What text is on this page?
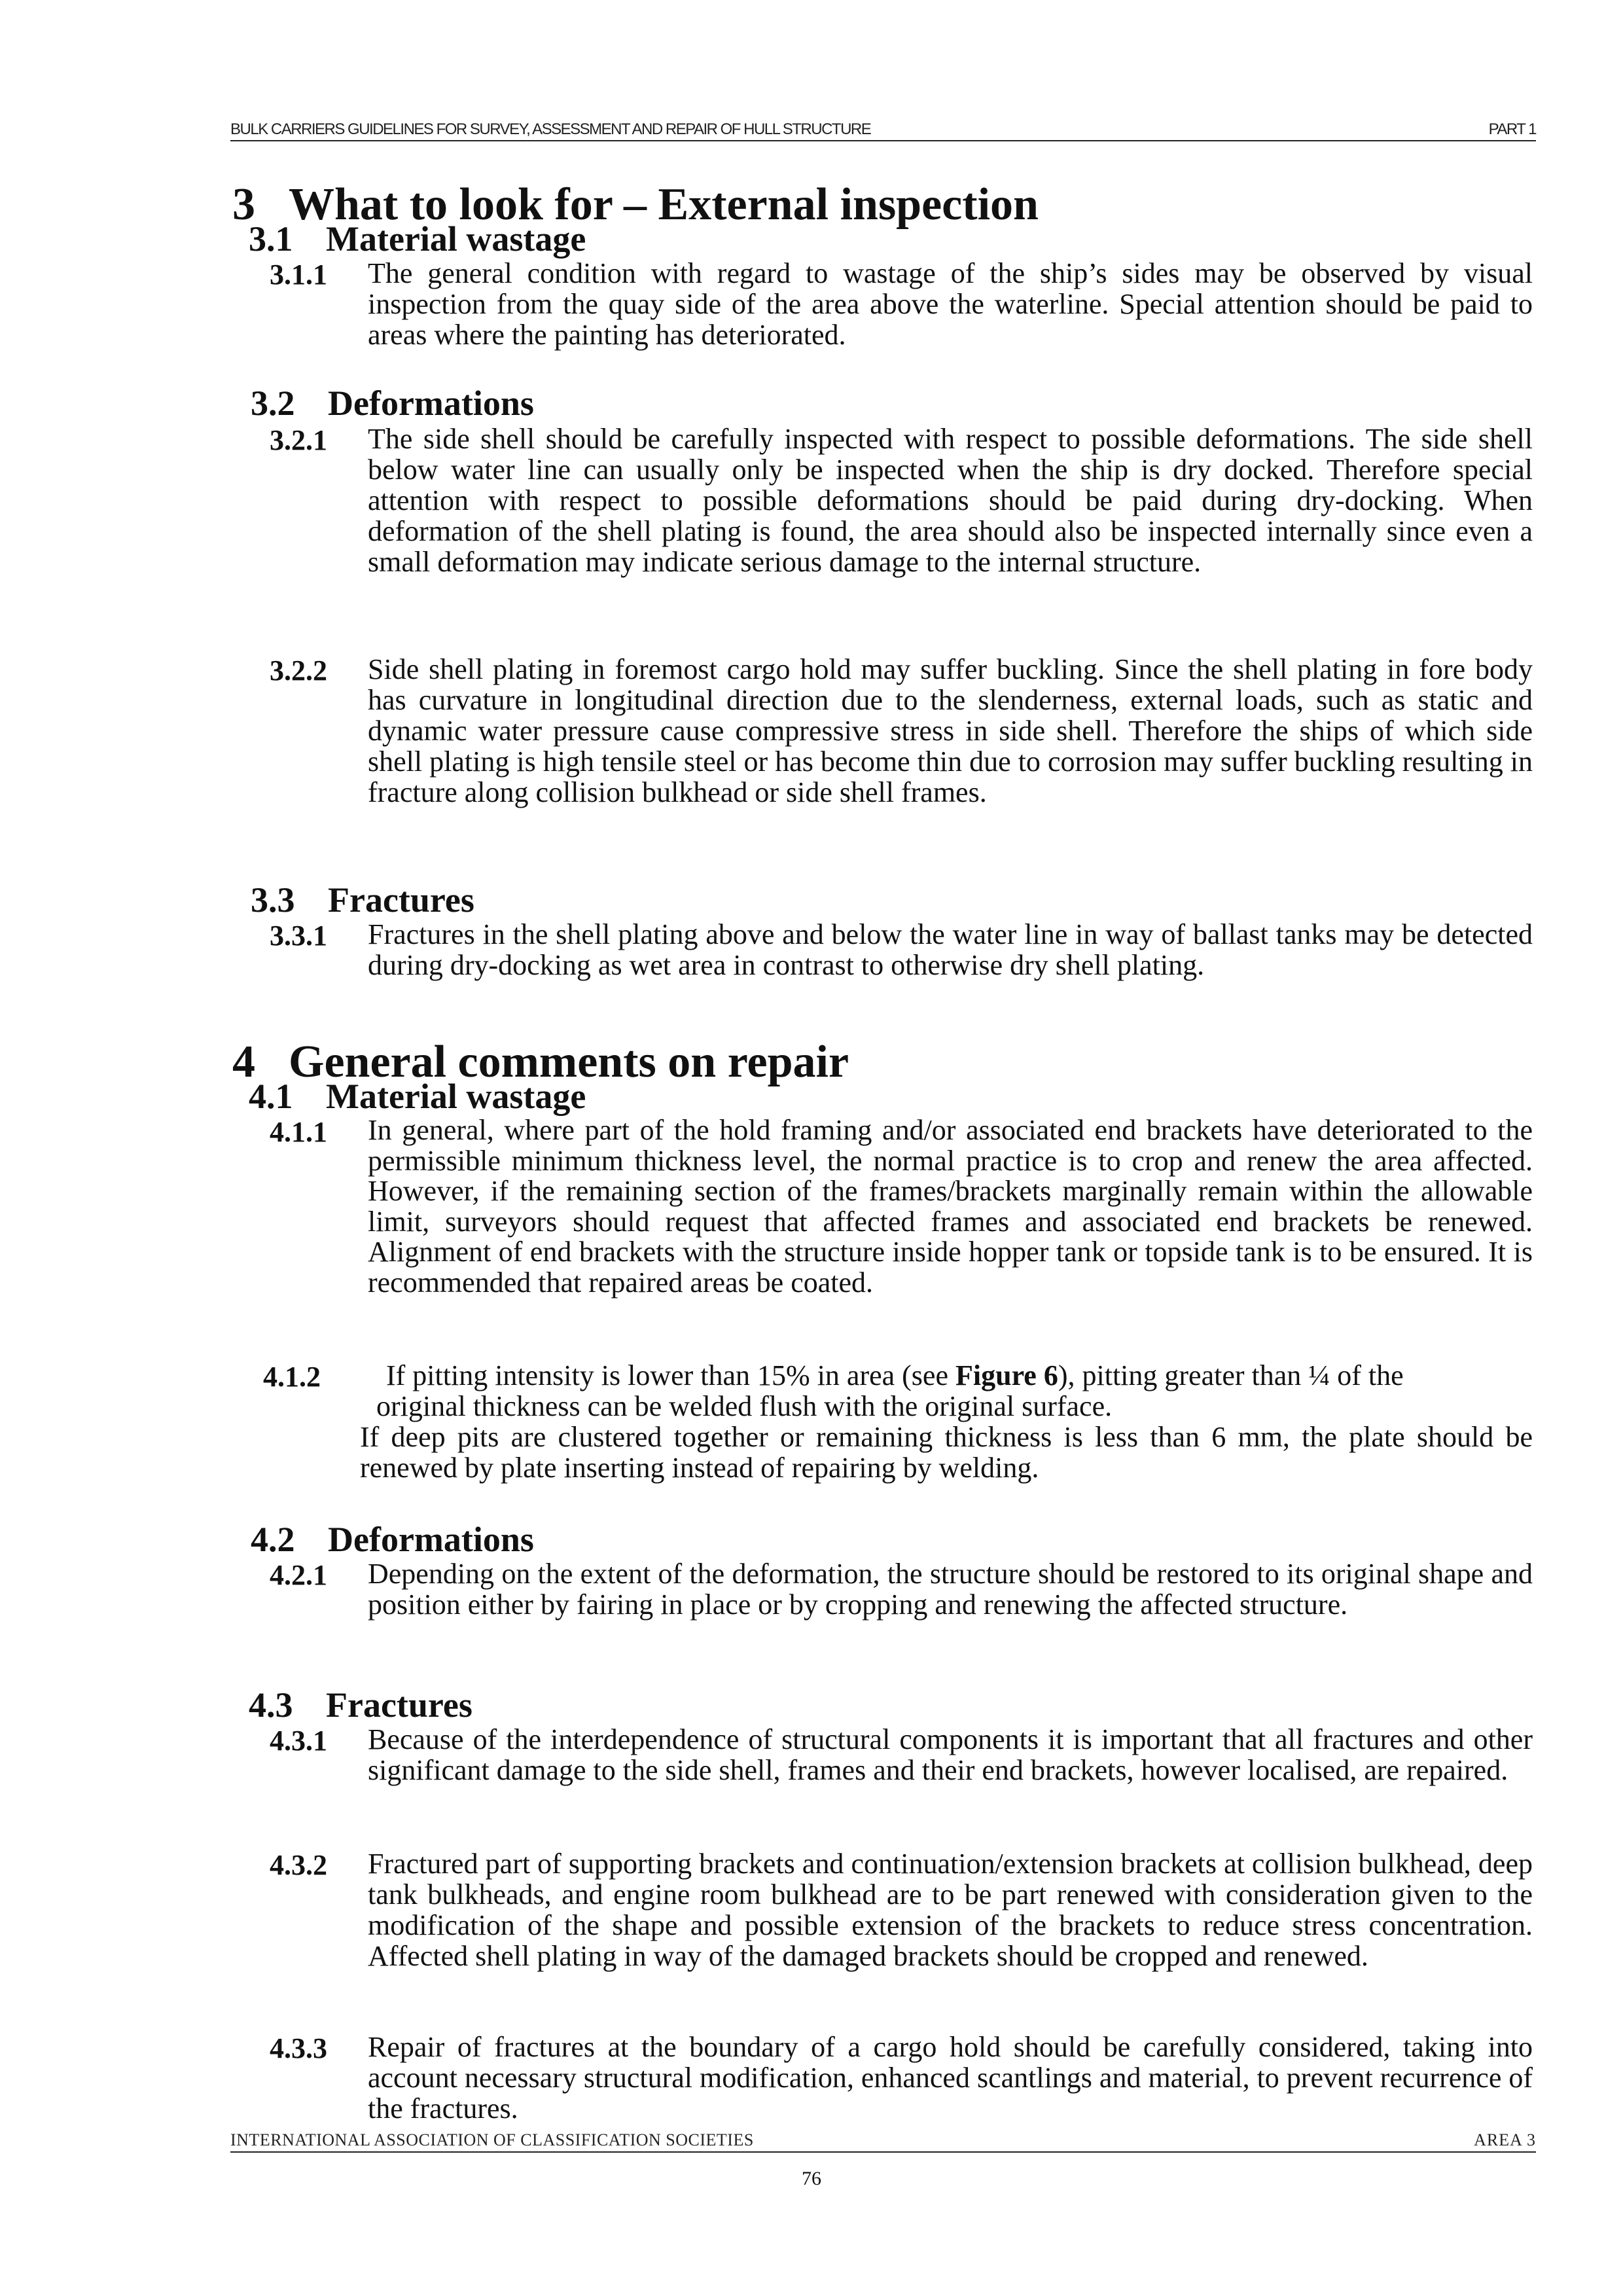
BULK CARRIERS GUIDELINES FOR SURVEY, ASSESSMENT AND REPAIR OF HULL STRUCTURE	PART 1
3 What to look for – External inspection
3.1 Material wastage
3.1.1 The general condition with regard to wastage of the ship’s sides may be observed by visual inspection from the quay side of the area above the waterline. Special attention should be paid to areas where the painting has deteriorated.
3.2 Deformations
3.2.1 The side shell should be carefully inspected with respect to possible deformations. The side shell below water line can usually only be inspected when the ship is dry docked. Therefore special attention with respect to possible deformations should be paid during dry-docking. When deformation of the shell plating is found, the area should also be inspected internally since even a small deformation may indicate serious damage to the internal structure.
3.2.2 Side shell plating in foremost cargo hold may suffer buckling. Since the shell plating in fore body has curvature in longitudinal direction due to the slenderness, external loads, such as static and dynamic water pressure cause compressive stress in side shell. Therefore the ships of which side shell plating is high tensile steel or has become thin due to corrosion may suffer buckling resulting in fracture along collision bulkhead or side shell frames.
3.3 Fractures
3.3.1 Fractures in the shell plating above and below the water line in way of ballast tanks may be detected during dry-docking as wet area in contrast to otherwise dry shell plating.
4 General comments on repair
4.1 Material wastage
4.1.1 In general, where part of the hold framing and/or associated end brackets have deteriorated to the permissible minimum thickness level, the normal practice is to crop and renew the area affected. However, if the remaining section of the frames/brackets marginally remain within the allowable limit, surveyors should request that affected frames and associated end brackets be renewed. Alignment of end brackets with the structure inside hopper tank or topside tank is to be ensured. It is recommended that repaired areas be coated.
4.1.2 If pitting intensity is lower than 15% in area (see Figure 6), pitting greater than ¼ of the
original thickness can be welded flush with the original surface.
If deep pits are clustered together or remaining thickness is less than 6 mm, the plate should be renewed by plate inserting instead of repairing by welding.
4.2 Deformations
4.2.1 Depending on the extent of the deformation, the structure should be restored to its original shape and position either by fairing in place or by cropping and renewing the affected structure.
4.3 Fractures
4.3.1 Because of the interdependence of structural components it is important that all fractures and other significant damage to the side shell, frames and their end brackets, however localised, are repaired.
4.3.2 Fractured part of supporting brackets and continuation/extension brackets at collision bulkhead, deep tank bulkheads, and engine room bulkhead are to be part renewed with consideration given to the modification of the shape and possible extension of the brackets to reduce stress concentration. Affected shell plating in way of the damaged brackets should be cropped and renewed.
4.3.3 Repair of fractures at the boundary of a cargo hold should be carefully considered, taking into account necessary structural modification, enhanced scantlings and material, to prevent recurrence of the fractures.
INTERNATIONAL ASSOCIATION OF CLASSIFICATION SOCIETIES	AREA 3
76
